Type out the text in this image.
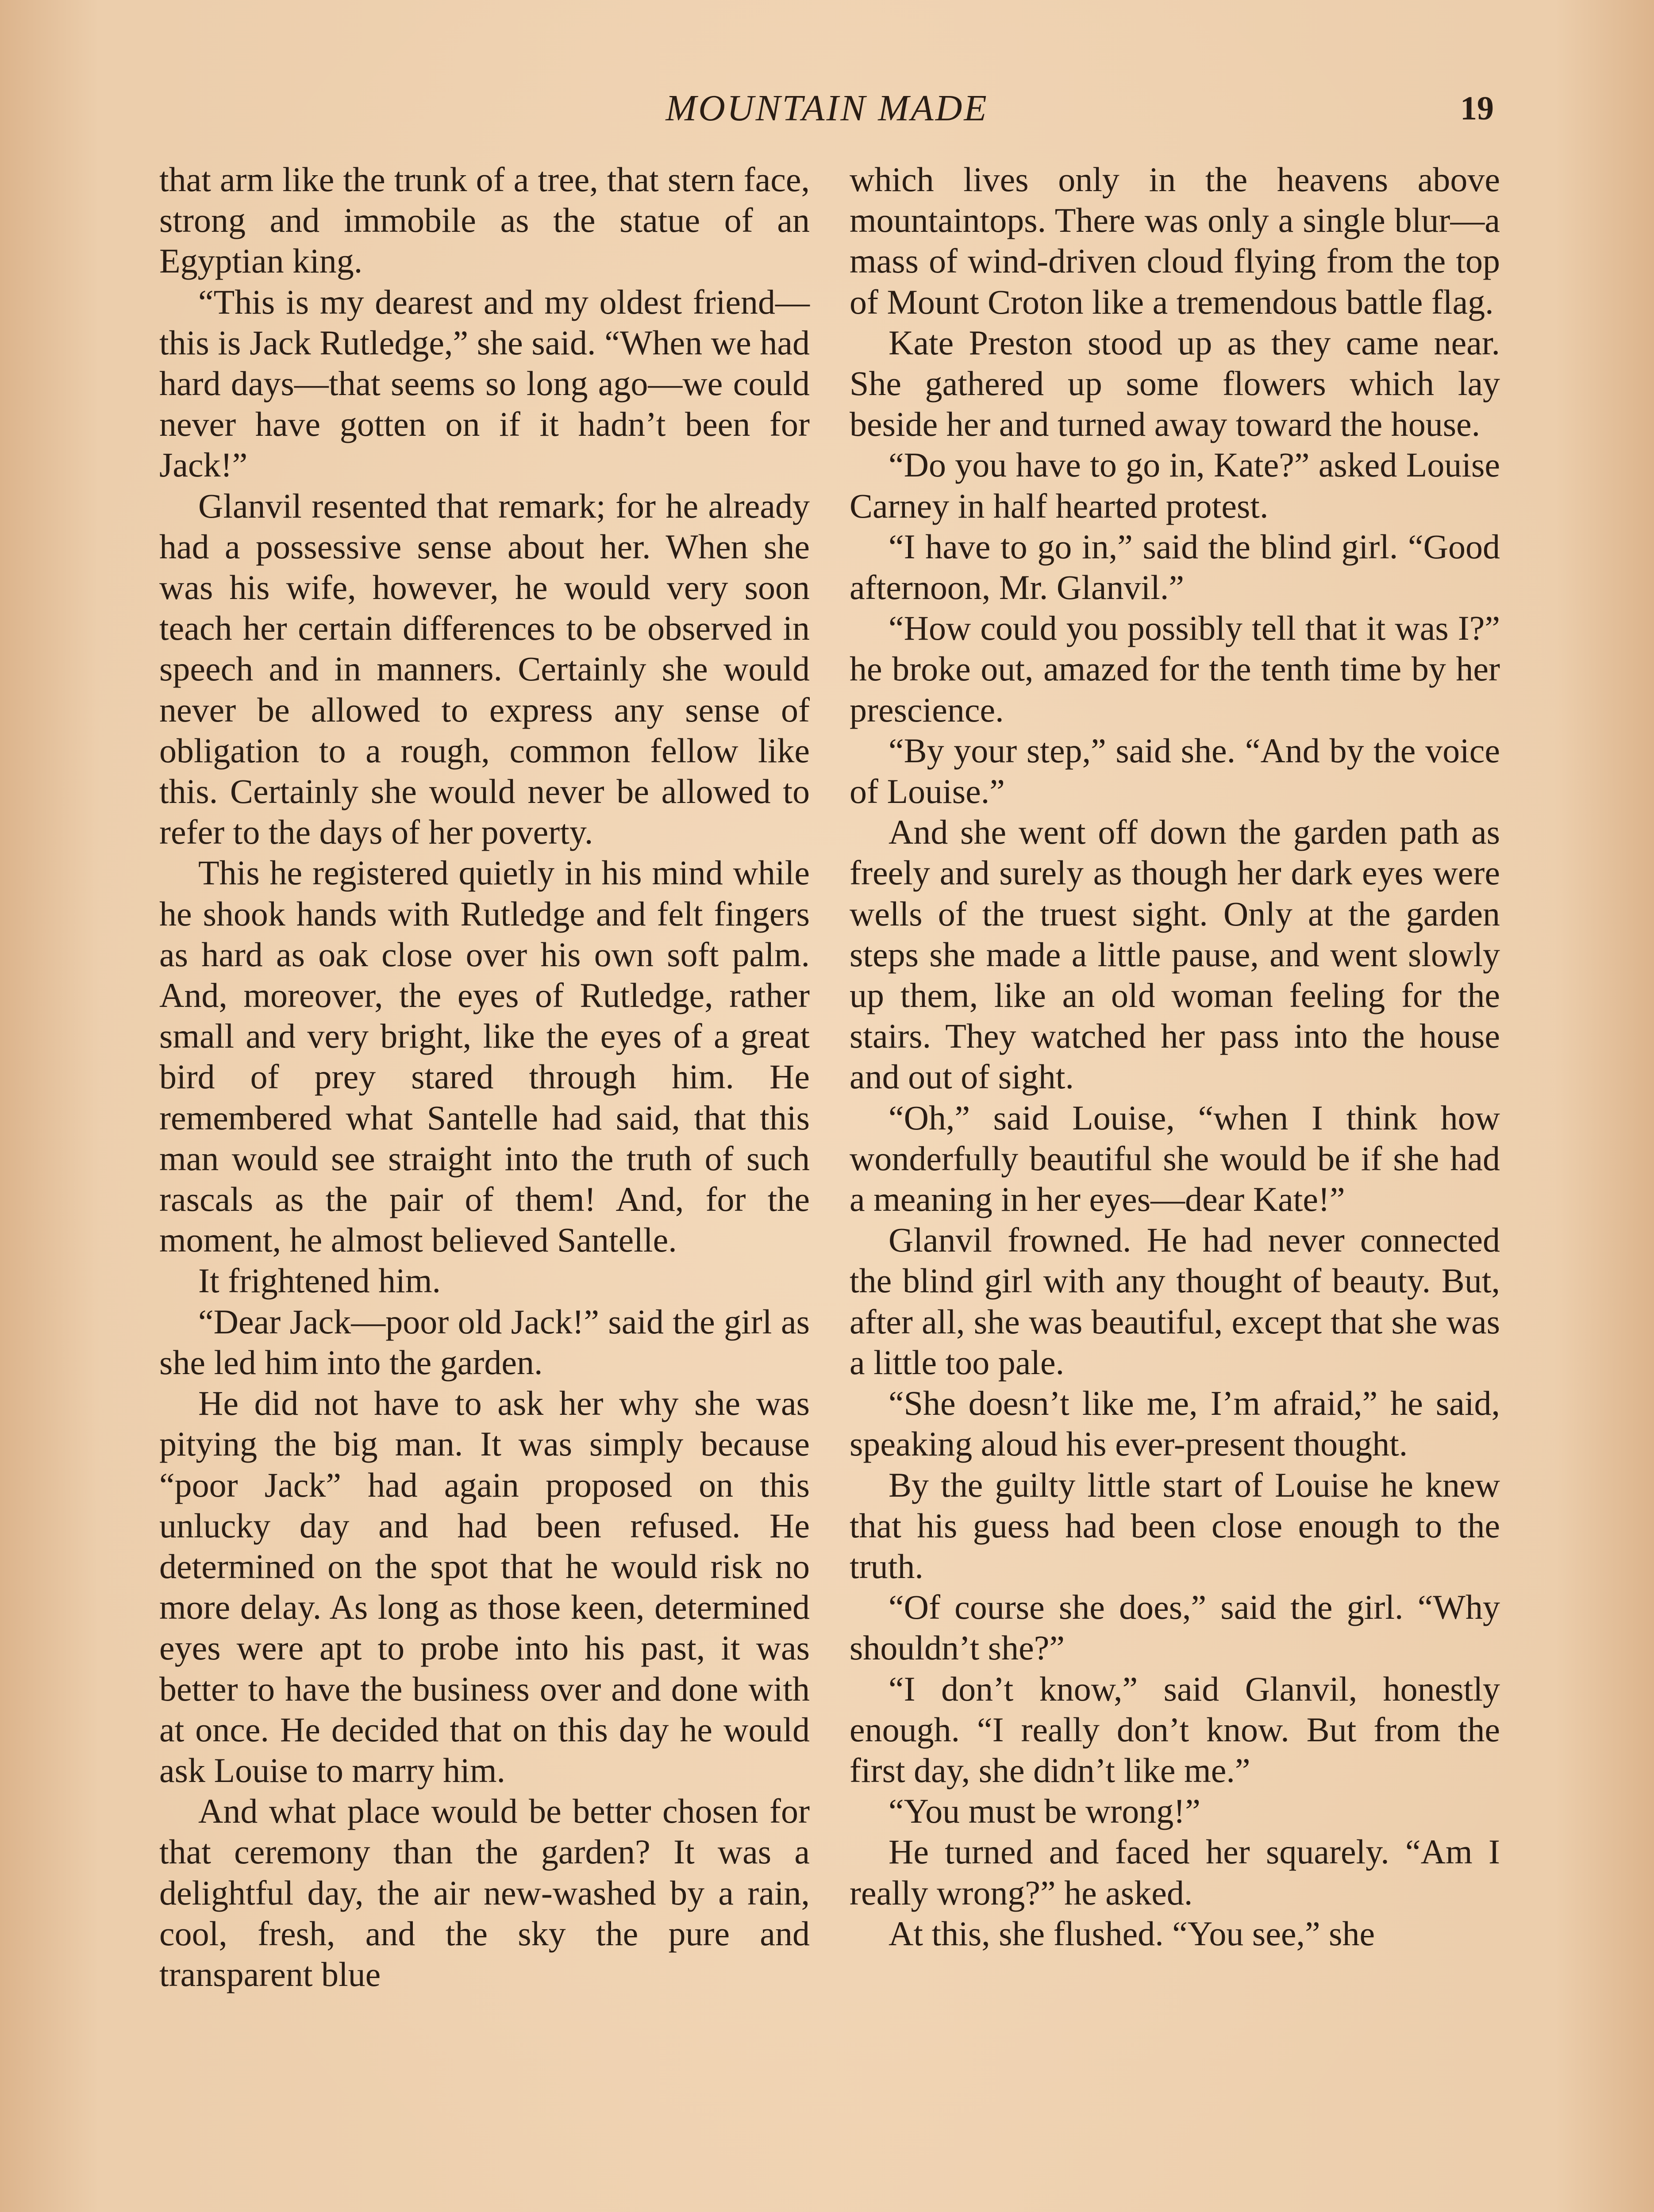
MOUNTAIN MADE	19

that arm like the trunk of a tree, that stern face, strong and immobile as the statue of an Egyptian king.

“This is my dearest and my oldest friend—this is Jack Rutledge,” she said. “When we had hard days—that seems so long ago—we could never have gotten on if it hadn’t been for Jack!”

Glanvil resented that remark; for he already had a possessive sense about her. When she was his wife, however, he would very soon teach her certain differences to be observed in speech and in manners. Certainly she would never be allowed to express any sense of obligation to a rough, common fellow like this. Certainly she would never be allowed to refer to the days of her poverty.

This he registered quietly in his mind while he shook hands with Rutledge and felt fingers as hard as oak close over his own soft palm. And, moreover, the eyes of Rutledge, rather small and very bright, like the eyes of a great bird of prey stared through him. He remembered what Santelle had said, that this man would see straight into the truth of such rascals as the pair of them! And, for the moment, he almost believed Santelle.

It frightened him.

“Dear Jack—poor old Jack!” said the girl as she led him into the garden.

He did not have to ask her why she was pitying the big man. It was simply because “poor Jack” had again proposed on this unlucky day and had been refused. He determined on the spot that he would risk no more delay. As long as those keen, determined eyes were apt to probe into his past, it was better to have the business over and done with at once. He decided that on this day he would ask Louise to marry him.

And what place would be better chosen for that ceremony than the garden? It was a delightful day, the air new-washed by a rain, cool, fresh, and the sky the pure and transparent blue

which lives only in the heavens above mountaintops. There was only a single blur—a mass of wind-driven cloud flying from the top of Mount Croton like a tremendous battle flag.

Kate Preston stood up as they came near. She gathered up some flowers which lay beside her and turned away toward the house.

“Do you have to go in, Kate?” asked Louise Carney in half hearted protest.

“I have to go in,” said the blind girl. “Good afternoon, Mr. Glanvil.”

“How could you possibly tell that it was I?” he broke out, amazed for the tenth time by her prescience.

“By your step,” said she. “And by the voice of Louise.”

And she went off down the garden path as freely and surely as though her dark eyes were wells of the truest sight. Only at the garden steps she made a little pause, and went slowly up them, like an old woman feeling for the stairs. They watched her pass into the house and out of sight.

“Oh,” said Louise, “when I think how wonderfully beautiful she would be if she had a meaning in her eyes—dear Kate!”

Glanvil frowned. He had never connected the blind girl with any thought of beauty. But, after all, she was beautiful, except that she was a little too pale.

“She doesn’t like me, I’m afraid,” he said, speaking aloud his ever-present thought.

By the guilty little start of Louise he knew that his guess had been close enough to the truth.

“Of course she does,” said the girl. “Why shouldn’t she?”

“I don’t know,” said Glanvil, honestly enough. “I really don’t know. But from the first day, she didn’t like me.”

“You must be wrong!”

He turned and faced her squarely. “Am I really wrong?” he asked.

At this, she flushed. “You see,” she
